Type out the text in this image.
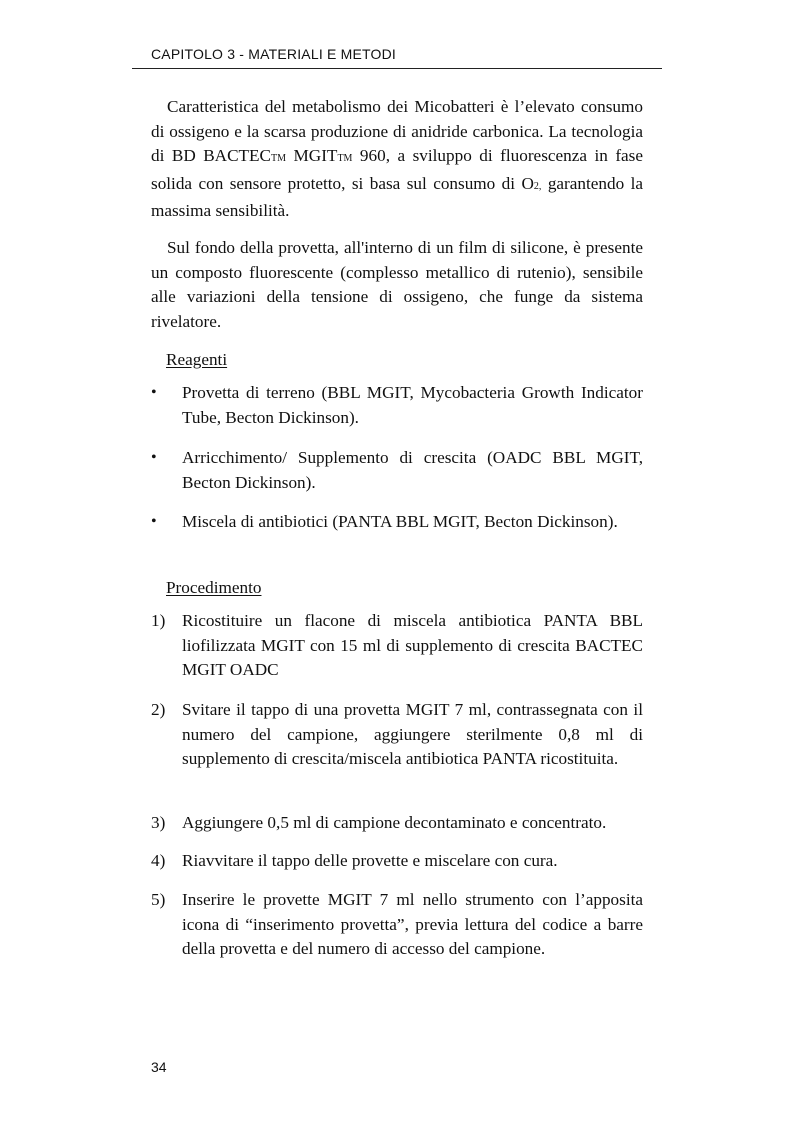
CAPITOLO 3 - MATERIALI E METODI

Caratteristica del metabolismo dei Micobatteri è l’elevato consumo di ossigeno e la scarsa produzione di anidride carbonica. La tecnologia di BD BACTECTM MGITTM 960, a sviluppo di fluorescenza in fase solida con sensore protetto, si basa sul consumo di O2, garantendo la massima sensibilità.

Sul fondo della provetta, all'interno di un film di silicone, è presente un composto fluorescente (complesso metallico di rutenio), sensibile alle variazioni della tensione di ossigeno, che funge da sistema rivelatore.

Reagenti
•	Provetta di terreno (BBL MGIT, Mycobacteria Growth Indicator Tube, Becton Dickinson).
•	Arricchimento/ Supplemento di crescita (OADC BBL MGIT, Becton Dickinson).
•	Miscela di antibiotici (PANTA BBL MGIT, Becton Dickinson).
Procedimento
1) Ricostituire un flacone di miscela antibiotica PANTA BBL liofilizzata MGIT con 15 ml di supplemento di crescita BACTEC MGIT OADC
2) Svitare il tappo di una provetta MGIT 7 ml, contrassegnata con il numero del campione, aggiungere sterilmente 0,8 ml di supplemento di crescita/miscela antibiotica PANTA ricostituita.
3) Aggiungere 0,5 ml di campione decontaminato e concentrato.
4) Riavvitare il tappo delle provette e miscelare con cura.
5) Inserire le provette MGIT 7 ml nello strumento con l’apposita icona di “inserimento provetta”, previa lettura del codice a barre della provetta e del numero di accesso del campione.
34
